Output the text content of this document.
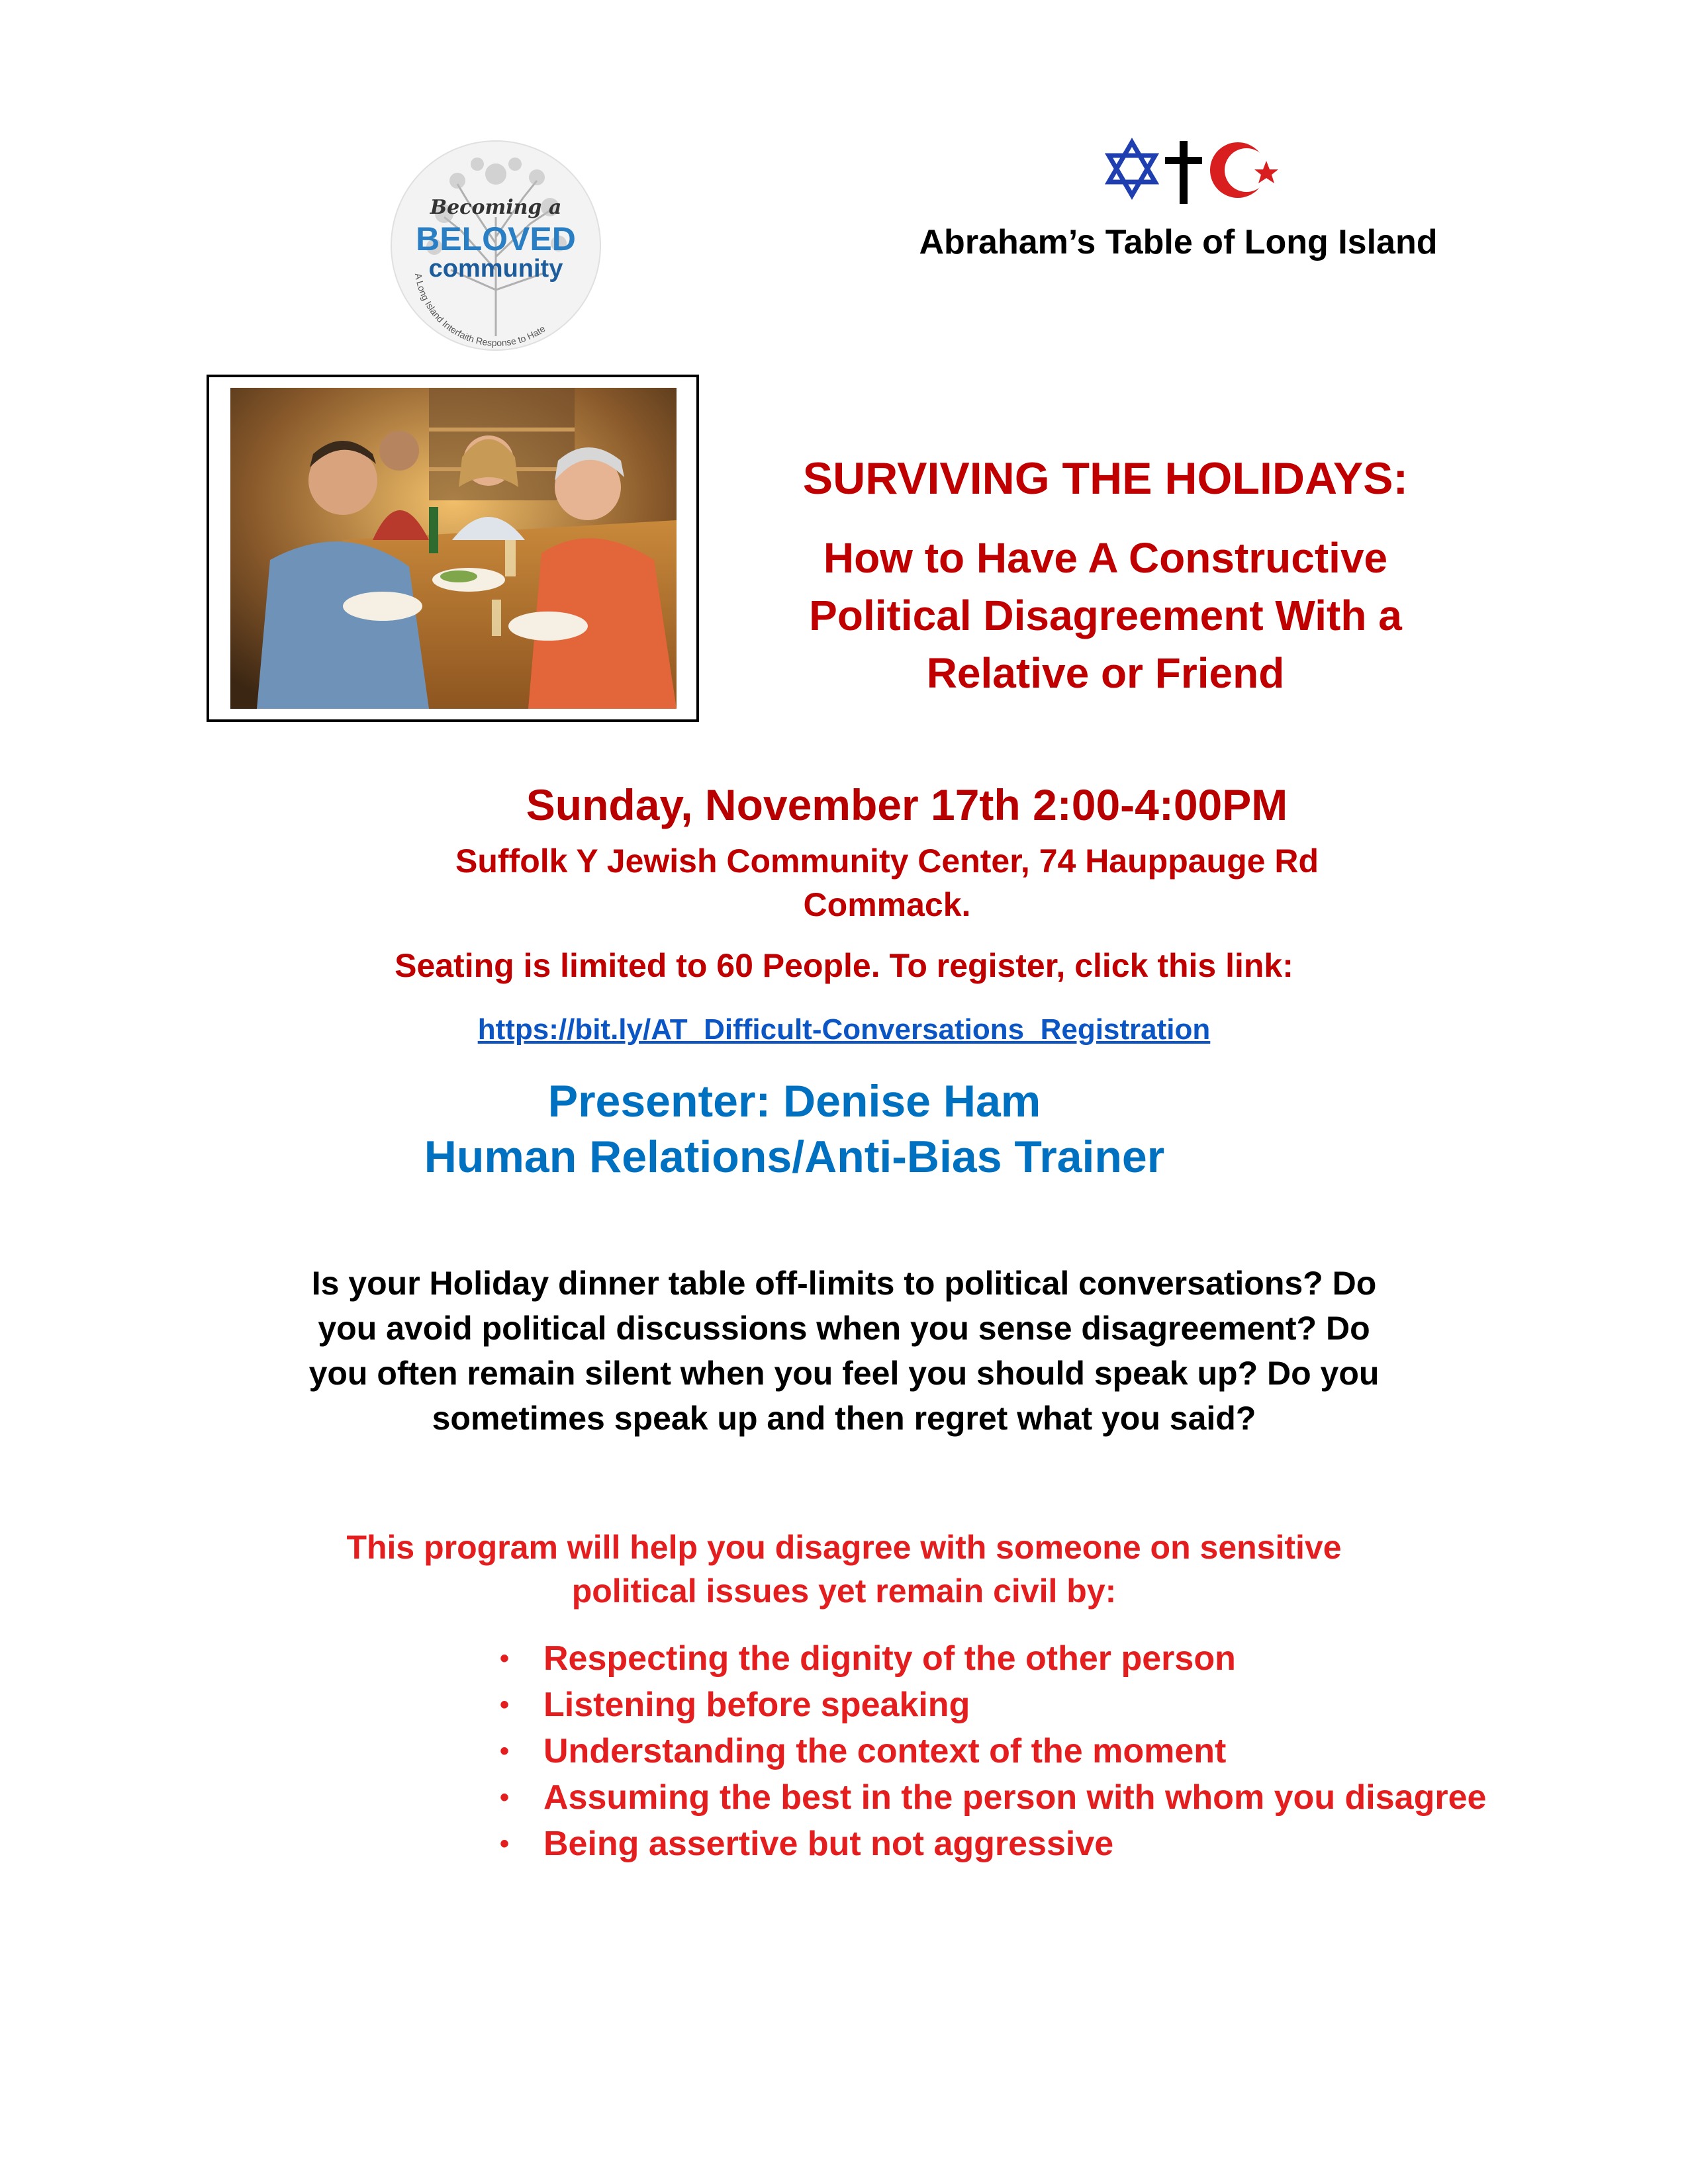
Becoming a
BELOVED
community
A Long Island Interfaith Response to Hate
Abraham’s Table of Long Island
SURVIVING THE HOLIDAYS:
How to Have A Constructive
Political Disagreement With a
Relative or Friend
Sunday, November 17th 2:00-4:00PM
Suffolk Y Jewish Community Center, 74 Hauppauge Rd
Commack.
Seating is limited to 60 People. To register, click this link:
https://bit.ly/AT_Difficult-Conversations_Registration
Presenter: Denise Ham
Human Relations/Anti-Bias Trainer
Is your Holiday dinner table off-limits to political conversations? Do
you avoid political discussions when you sense disagreement? Do
you often remain silent when you feel you should speak up? Do you
sometimes speak up and then regret what you said?
This program will help you disagree with someone on sensitive
political issues yet remain civil by:
• Respecting the dignity of the other person
• Listening before speaking
• Understanding the context of the moment
• Assuming the best in the person with whom you disagree
• Being assertive but not aggressive
